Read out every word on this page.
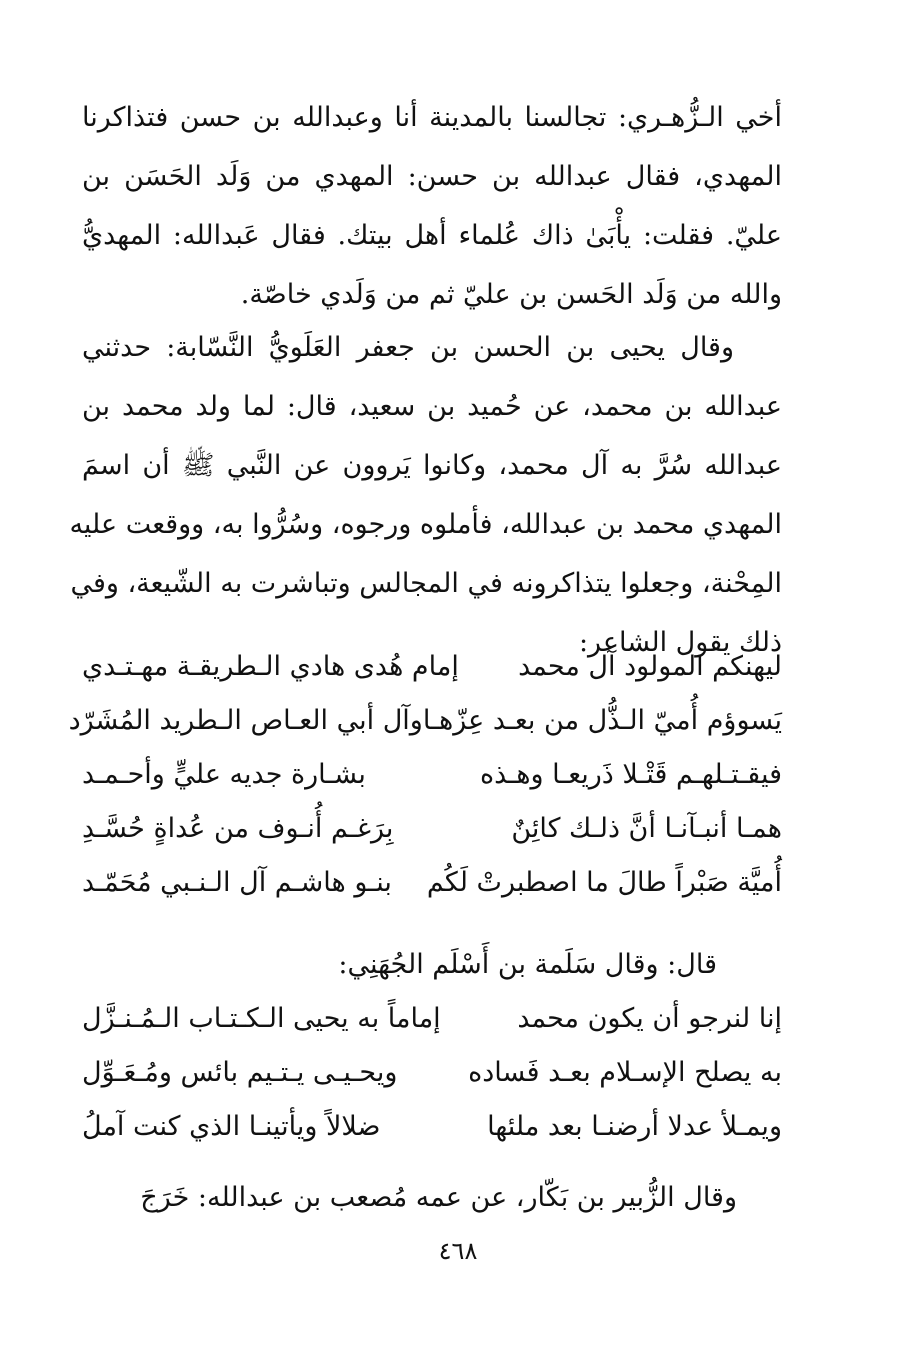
أخي الـزُّهـري: تجالسنا بالمدينة أنا وعبدالله بن حسن فتذاكرنا
المهدي، فقال عبدالله بن حسن: المهدي من وَلَد الحَسَن بن
عليّ. فقلت: يأْبَىٰ ذاك عُلماء أهل بيتك. فقال عَبدالله: المهديُّ
والله من وَلَد الحَسن بن عليّ ثم من وَلَدي خاصّة.
وقال يحيى بن الحسن بن جعفر العَلَويُّ النَّسّابة: حدثني
عبدالله بن محمد، عن حُميد بن سعيد، قال: لما ولد محمد بن
عبدالله سُرَّ به آل محمد، وكانوا يَروون عن النَّبي ﷺ أن اسمَ
المهدي محمد بن عبدالله، فأملوه ورجوه، وسُرُّوا به، ووقعت عليه
المِحْنة، وجعلوا يتذاكرونه في المجالس وتباشرت به الشّيعة، وفي
ذلك يقول الشاعر:
ليهنكم المولود آل محمد
إمام هُدى هادي الـطريقـة مهـتـدي
يَسوؤم أُميّ الـذُّل من بعـد عِزّهـا
وآل أبي العـاص الـطريد المُشَرّد
فيقـتـلهـم قَتْـلا ذَريعـا وهـذه
بشـارة جديه عليٍّ وأحـمـد
همـا أنبـآنـا أنَّ ذلـك كائِنٌ
بِرَغـم أُنـوف من عُداةٍ حُسَّـدِ
أُميَّة صَبْراً طالَ ما اصطبرتْ لَكُم
بنـو هاشـم آل الـنـبي مُحَمّـد
قال: وقال سَلَمة بن أَسْلَم الجُهَنِي:
إنا لنرجو أن يكون محمد
إماماً به يحيى الـكـتـاب الـمُـنـزَّل
به يصلح الإسـلام بعـد فَساده
ويحـيـى يـتـيم بائس ومُـعَـوِّل
ويمـلأ عدلا أرضنـا بعد ملئها
ضلالاً ويأتينـا الذي كنت آملُ
وقال الزُّبير بن بَكّار، عن عمه مُصعب بن عبدالله: خَرَجَ
٤٦٨
